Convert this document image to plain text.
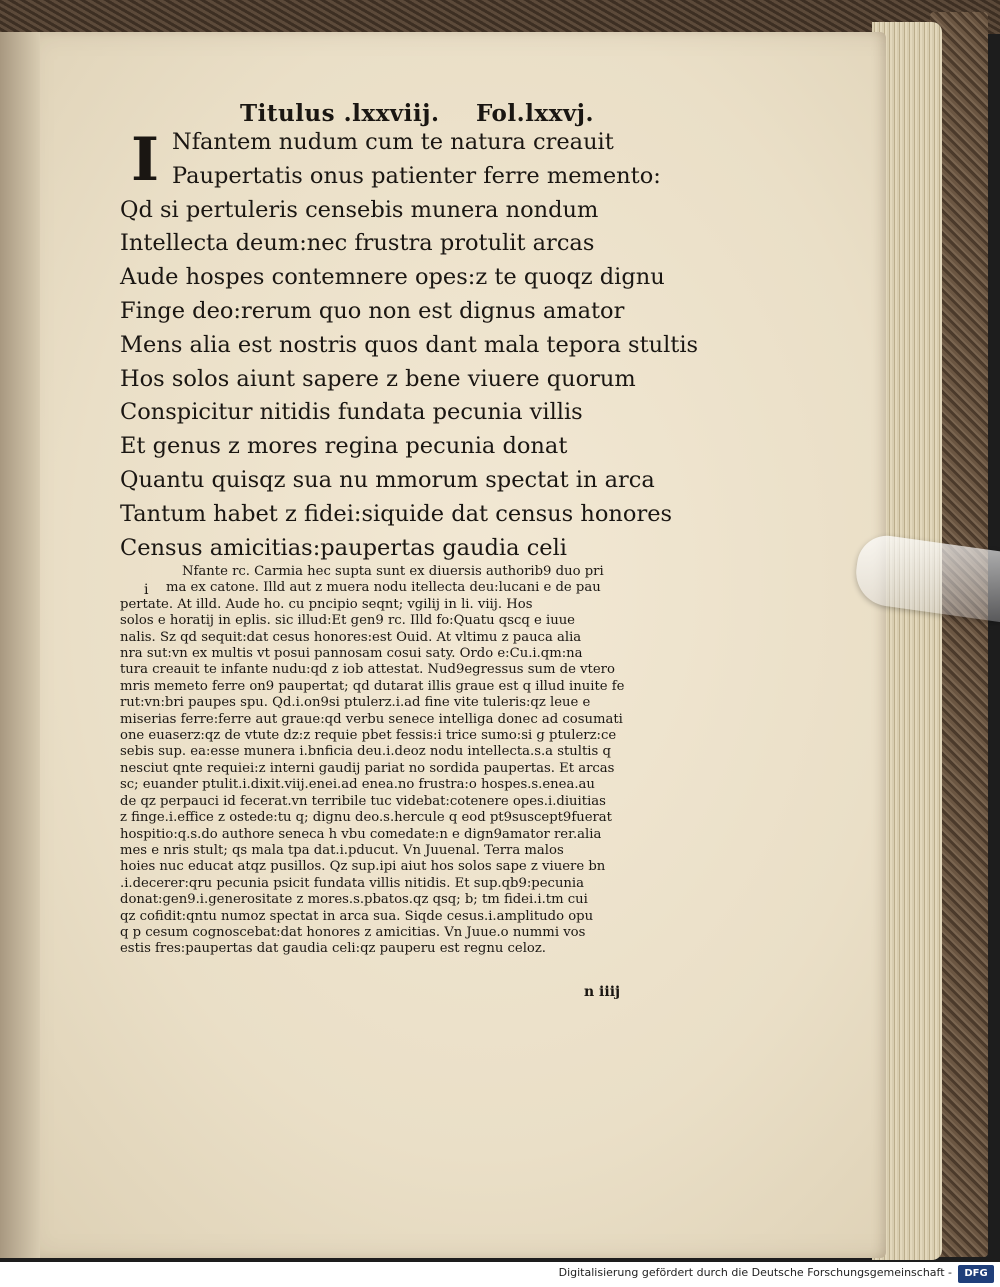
Titulus .lxxviij. Fol.lxxvj.
I Nfantem nudum cum te natura creauit
Paupertatis onus patienter ferre memento:
Qd si pertuleris censebis munera nondum
Intellecta deum:nec frustra protulit arcas
Aude hospes contemnere opes:z te quoqz dignu
Finge deo:rerum quo non est dignus amator
Mens alia est nostris quos dant mala tepora stultis
Hos solos aiunt sapere z bene viuere quorum
Conspicitur nitidis fundata pecunia villis
Et genus z mores regina pecunia donat
Quantu quisqz sua nu mmorum spectat in arca
Tantum habet z fidei:siquide dat census honores
Census amicitias:paupertas gaudia celi
i
Nfante rc. Carmia hec supta sunt ex diuersis authorib9 duo pri
ma ex catone. Illd aut z muera nodu itellecta deu:lucani e de pau
pertate. At illd. Aude ho. cu pncipio seqnt; vgilij in li. viij. Hos
solos e horatij in eplis. sic illud:Et gen9 rc. Illd fo:Quatu qscq e iuue
nalis. Sz qd sequit:dat cesus honores:est Ouid. At vltimu z pauca alia
nra sut:vn ex multis vt posui pannosam cosui saty. Ordo e:Cu.i.qm:na
tura creauit te infante nudu:qd z iob attestat. Nud9egressus sum de vtero
mris memeto ferre on9 paupertat; qd dutarat illis graue est q illud inuite fe
rut:vn:bri paupes spu. Qd.i.on9si ptulerz.i.ad fine vite tuleris:qz leue e
miserias ferre:ferre aut graue:qd verbu senece intelliga donec ad cosumati
one euaserz:qz de vtute dz:z requie pbet fessis:i trice sumo:si g ptulerz:ce
sebis sup. ea:esse munera i.bnficia deu.i.deoz nodu intellecta.s.a stultis q
nesciut qnte requiei:z interni gaudij pariat no sordida paupertas. Et arcas
sc; euander ptulit.i.dixit.viij.enei.ad enea.no frustra:o hospes.s.enea.au
de qz perpauci id fecerat.vn terribile tuc videbat:cotenere opes.i.diuitias
z finge.i.effice z ostede:tu q; dignu deo.s.hercule q eod pt9suscept9fuerat
hospitio:q.s.do authore seneca h vbu comedate:n e dign9amator rer.alia
mes e nris stult; qs mala tpa dat.i.pducut. Vn Juuenal. Terra malos
hoies nuc educat atqz pusillos. Qz sup.ipi aiut hos solos sape z viuere bn
.i.decerer:qru pecunia psicit fundata villis nitidis. Et sup.qb9:pecunia
donat:gen9.i.generositate z mores.s.pbatos.qz qsq; b; tm fidei.i.tm cui
qz cofidit:qntu numoz spectat in arca sua. Siqde cesus.i.amplitudo opu
q p cesum cognoscebat:dat honores z amicitias. Vn Juue.o nummi vos
estis fres:paupertas dat gaudia celi:qz pauperu est regnu celoz.
n iiij
Digitalisierung gefördert durch die Deutsche Forschungsgemeinschaft -	DFG
